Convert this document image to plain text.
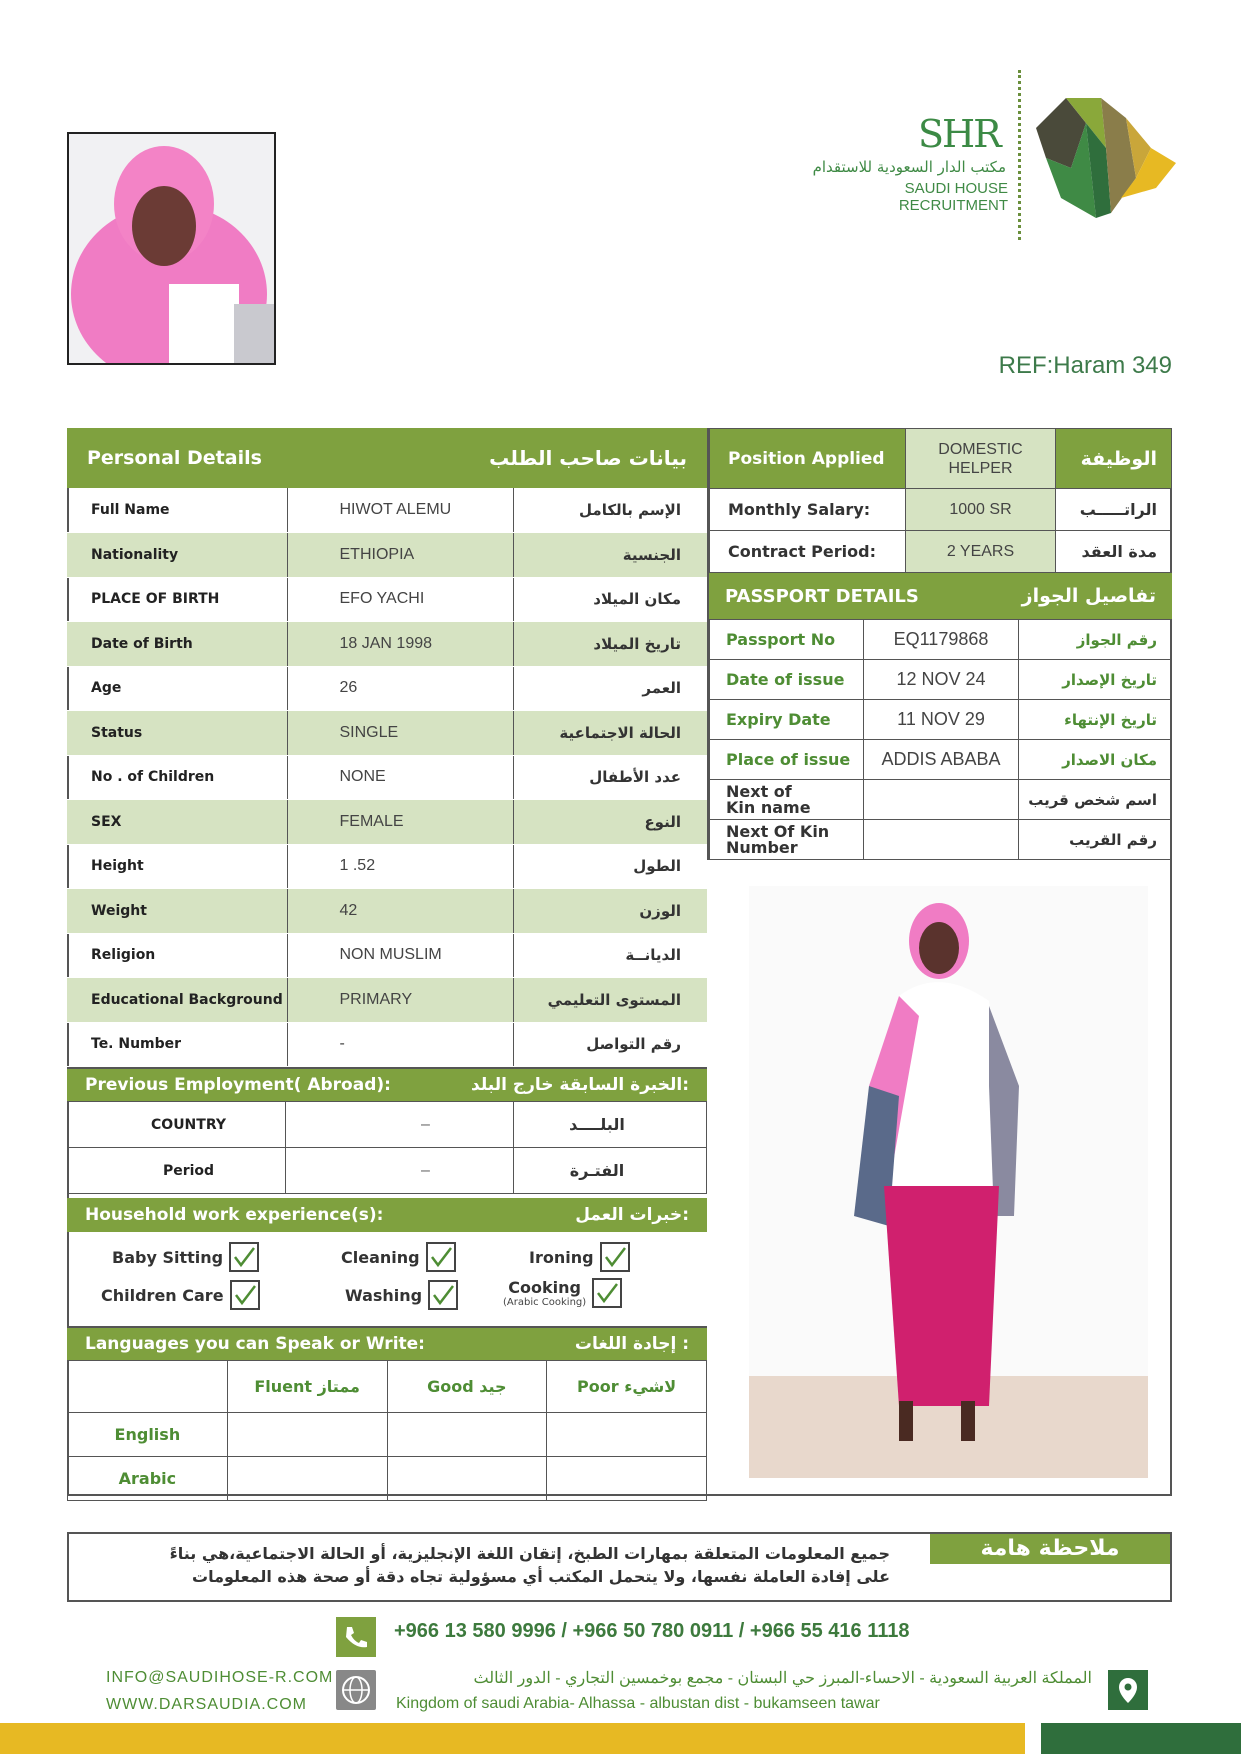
SHR
مكتب الدار السعودية للاستقدام
SAUDI HOUSE RECRUITMENT
REF:Haram 349
Personal Details	بيانات صاحب الطلب
Full Name	HIWOT ALEMU	الإسم بالكامل
Nationality	ETHIOPIA	الجنسية
PLACE OF BIRTH	EFO YACHI	مكان الميلاد
Date of Birth	18 JAN 1998	تاريخ الميلاد
Age	26	العمر
Status	SINGLE	الحالة الاجتماعية
No . of Children	NONE	عدد الأطفال
SEX	FEMALE	النوع
Height	1 .52	الطول
Weight	42	الوزن
Religion	NON MUSLIM	الديانــة
Educational Background	PRIMARY	المستوى التعليمي
Te. Number	-	رقم التواصل
Previous Employment( Abroad):	الخبرة السابقة خارج البلد:
COUNTRY	–	البلــــد
Period	–	الفتـرة
Household work experience(s):	خبرات العمل:
Baby Sitting	Cleaning	Ironing
Children Care	Washing	Cooking
(Arabic Cooking)
Languages you can Speak or Write:	إجادة اللغات :
	Fluent ممتاز	Good جيد	Poor لاشيء
English			
Arabic			
Position Applied	DOMESTIC HELPER	الوظيفة
Monthly Salary:	1000 SR	الراتـــــب
Contract Period:	2 YEARS	مدة العقد
PASSPORT DETAILS	تفاصيل الجواز
Passport No	EQ1179868	رقم الجواز
Date of issue	12 NOV 24	تاريخ الإصدار
Expiry Date	11 NOV 29	تاريخ الإنتهاء
Place of issue	ADDIS ABABA	مكان الاصدار
Next of
Kin name		اسم شخص قريب
Next Of Kin
Number		رقم القريب
ملاحظة هامة
جميع المعلومات المتعلقة بمهارات الطبخ، إتقان اللغة الإنجليزية، أو الحالة الاجتماعية،هي بناءً
على إفادة العاملة نفسها، ولا يتحمل المكتب أي مسؤولية تجاه دقة أو صحة هذه المعلومات
+966 13 580 9996 / +966 50 780 0911 / +966 55 416 1118
INFO@SAUDIHOSE-R.COM
WWW.DARSAUDIA.COM
المملكة العربية السعودية - الاحساء-المبرز حي البستان - مجمع بوخمسين التجاري - الدور الثالث
Kingdom of saudi Arabia- Alhassa - albustan dist - bukamseen tawar
